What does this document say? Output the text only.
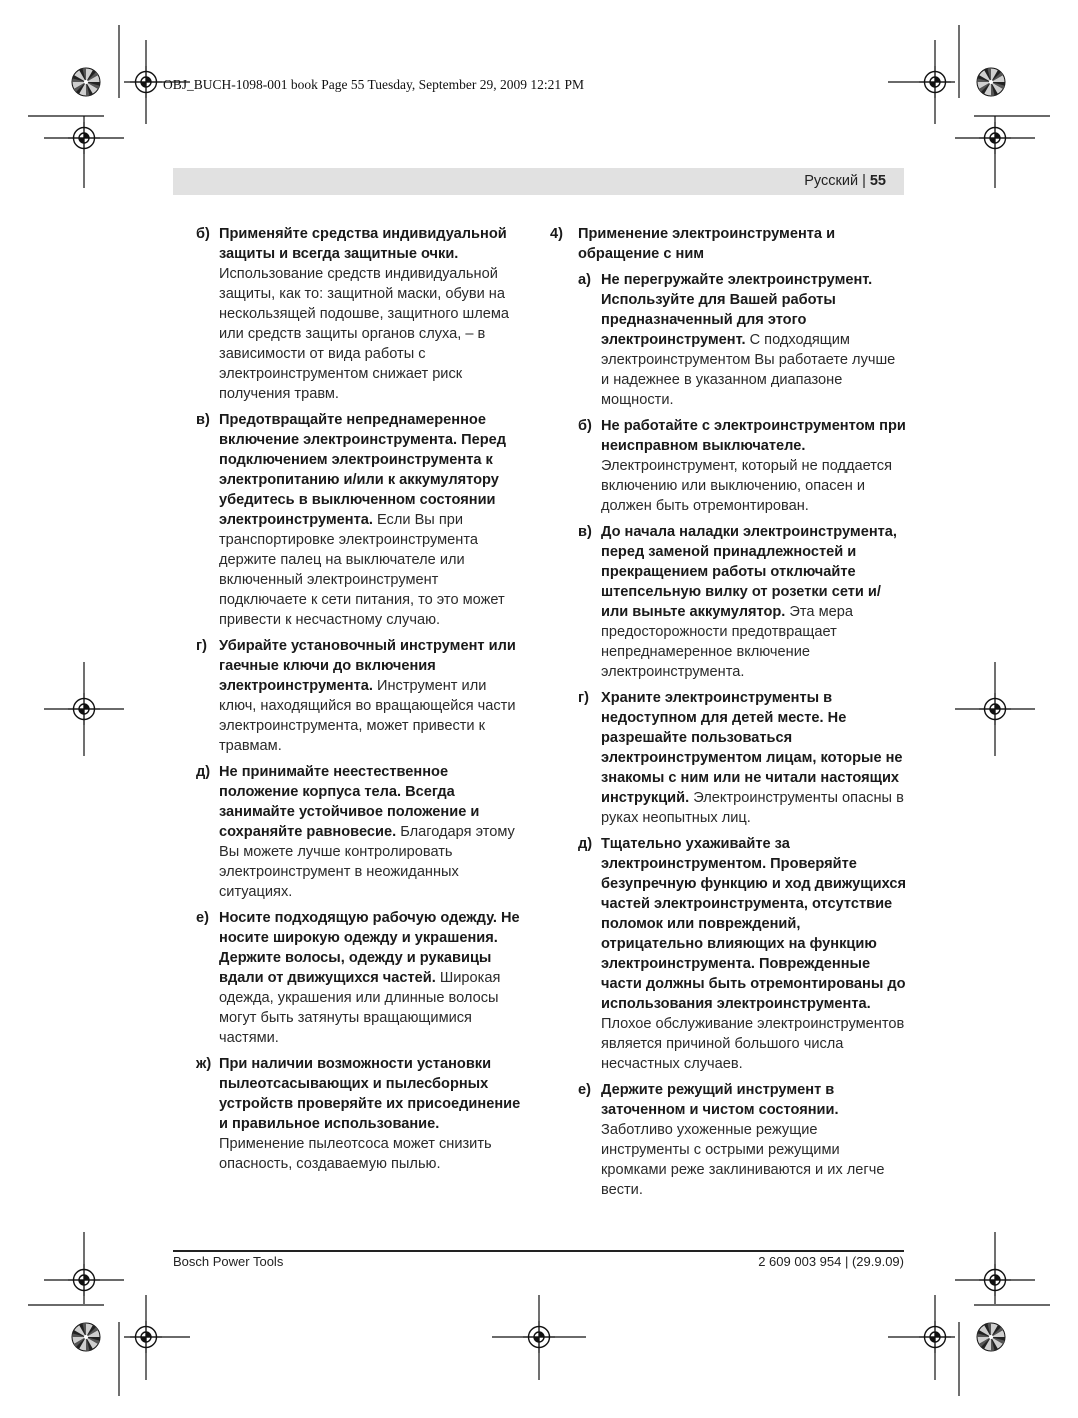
OBJ_BUCH-1098-001 book Page 55 Tuesday, September 29, 2009 12:21 PM
Русский | 55
б) Применяйте средства индивидуальной защиты и всегда защитные очки. Использование средств индивидуальной защиты, как то: защитной маски, обуви на нескользящей подошве, защитного шлема или средств защиты органов слуха, – в зависимости от вида работы с электроинструментом снижает риск получения травм.
в) Предотвращайте непреднамеренное включение электроинструмента. Перед подключением электроинструмента к электропитанию и/или к аккумулятору убедитесь в выключенном состоянии электроинструмента. Если Вы при транспортировке электроинструмента держите палец на выключателе или включенный электроинструмент подключаете к сети питания, то это может привести к несчастному случаю.
г) Убирайте установочный инструмент или гаечные ключи до включения электроинструмента. Инструмент или ключ, находящийся во вращающейся части электроинструмента, может привести к травмам.
д) Не принимайте неестественное положение корпуса тела. Всегда занимайте устойчивое положение и сохраняйте равновесие. Благодаря этому Вы можете лучше контролировать электроинструмент в неожиданных ситуациях.
е) Носите подходящую рабочую одежду. Не носите широкую одежду и украшения. Держите волосы, одежду и рукавицы вдали от движущихся частей. Широкая одежда, украшения или длинные волосы могут быть затянуты вращающимися частями.
ж) При наличии возможности установки пылеотсасывающих и пылесборных устройств проверяйте их присоединение и правильное использование. Применение пылеотсоса может снизить опасность, создаваемую пылью.
4) Применение электроинструмента и обращение с ним
а) Не перегружайте электроинструмент. Используйте для Вашей работы предназначенный для этого электроинструмент. С подходящим электроинструментом Вы работаете лучше и надежнее в указанном диапазоне мощности.
б) Не работайте с электроинструментом при неисправном выключателе. Электроинструмент, который не поддается включению или выключению, опасен и должен быть отремонтирован.
в) До начала наладки электроинструмента, перед заменой принадлежностей и прекращением работы отключайте штепсельную вилку от розетки сети и/или выньте аккумулятор. Эта мера предосторожности предотвращает непреднамеренное включение электроинструмента.
г) Храните электроинструменты в недоступном для детей месте. Не разрешайте пользоваться электроинструментом лицам, которые не знакомы с ним или не читали настоящих инструкций. Электроинструменты опасны в руках неопытных лиц.
д) Тщательно ухаживайте за электроинструментом. Проверяйте безупречную функцию и ход движущихся частей электроинструмента, отсутствие поломок или повреждений, отрицательно влияющих на функцию электроинструмента. Поврежденные части должны быть отремонтированы до использования электроинструмента. Плохое обслуживание электроинструментов является причиной большого числа несчастных случаев.
е) Держите режущий инструмент в заточенном и чистом состоянии. Заботливо ухоженные режущие инструменты с острыми режущими кромками реже заклиниваются и их легче вести.
Bosch Power Tools	2 609 003 954 | (29.9.09)
